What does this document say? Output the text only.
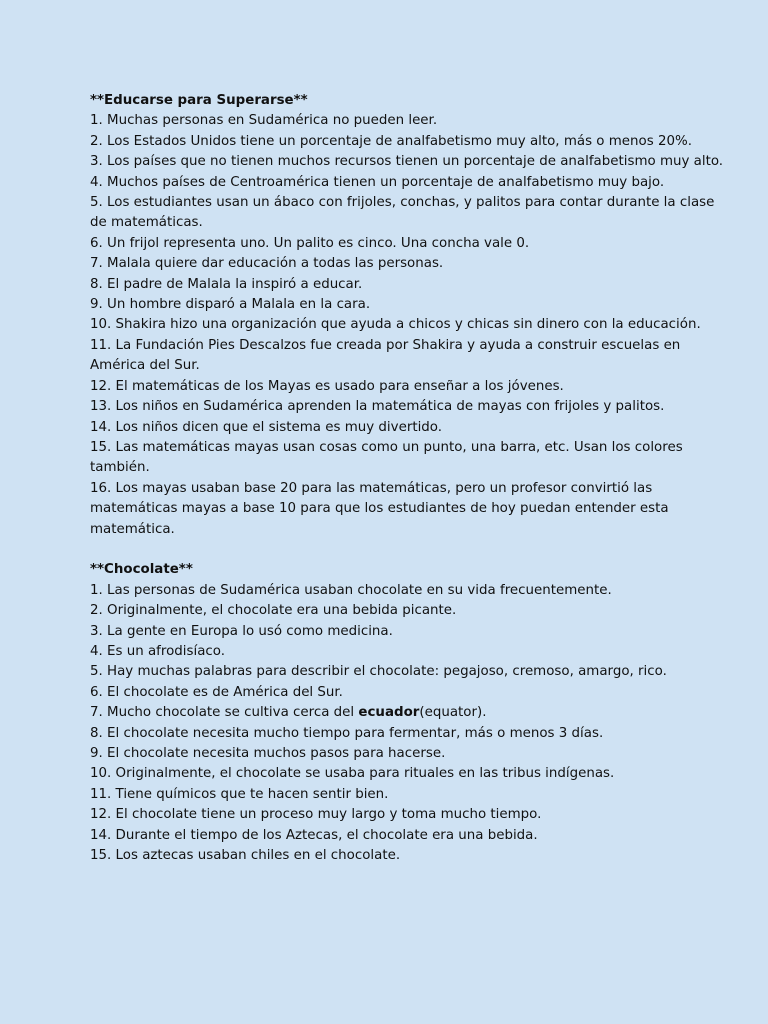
**Educarse para Superarse**
1. Muchas personas en Sudamérica no pueden leer.
2. Los Estados Unidos tiene un porcentaje de analfabetismo muy alto, más o menos 20%.
3. Los países que no tienen muchos recursos tienen un porcentaje de analfabetismo muy alto.
4. Muchos países de Centroamérica tienen un porcentaje de analfabetismo muy bajo.
5. Los estudiantes usan un ábaco con frijoles, conchas, y palitos para contar durante la clase de matemáticas.
6. Un frijol representa uno. Un palito es cinco. Una concha vale 0.
7. Malala quiere dar educación a todas las personas.
8. El padre de Malala la inspiró a educar.
9. Un hombre disparó a Malala en la cara.
10. Shakira hizo una organización que ayuda a chicos y chicas sin dinero con la educación.
11. La Fundación Pies Descalzos fue creada por Shakira y ayuda a construir escuelas en América del Sur.
12. El matemáticas de los Mayas es usado para enseñar a los jóvenes.
13. Los niños en Sudamérica aprenden la matemática de mayas con frijoles y palitos.
14. Los niños dicen que el sistema es muy divertido.
15. Las matemáticas mayas usan cosas como un punto, una barra, etc. Usan los colores también.
16. Los mayas usaban base 20 para las matemáticas, pero un profesor convirtió las matemáticas mayas a base 10 para que los estudiantes de hoy puedan entender esta matemática.
**Chocolate**
1. Las personas de Sudamérica usaban chocolate en su vida frecuentemente.
2. Originalmente, el chocolate era una bebida picante.
3. La gente en Europa lo usó como medicina.
4. Es un afrodisíaco.
5. Hay muchas palabras para describir el chocolate: pegajoso, cremoso, amargo, rico.
6. El chocolate es de América del Sur.
7. Mucho chocolate se cultiva cerca del ecuador(equator).
8. El chocolate necesita mucho tiempo para fermentar, más o menos 3 días.
9. El chocolate necesita muchos pasos para hacerse.
10. Originalmente, el chocolate se usaba para rituales en las tribus indígenas.
11. Tiene químicos que te hacen sentir bien.
12. El chocolate tiene un proceso muy largo y toma mucho tiempo.
14. Durante el tiempo de los Aztecas, el chocolate era una bebida.
15. Los aztecas usaban chiles en el chocolate.
